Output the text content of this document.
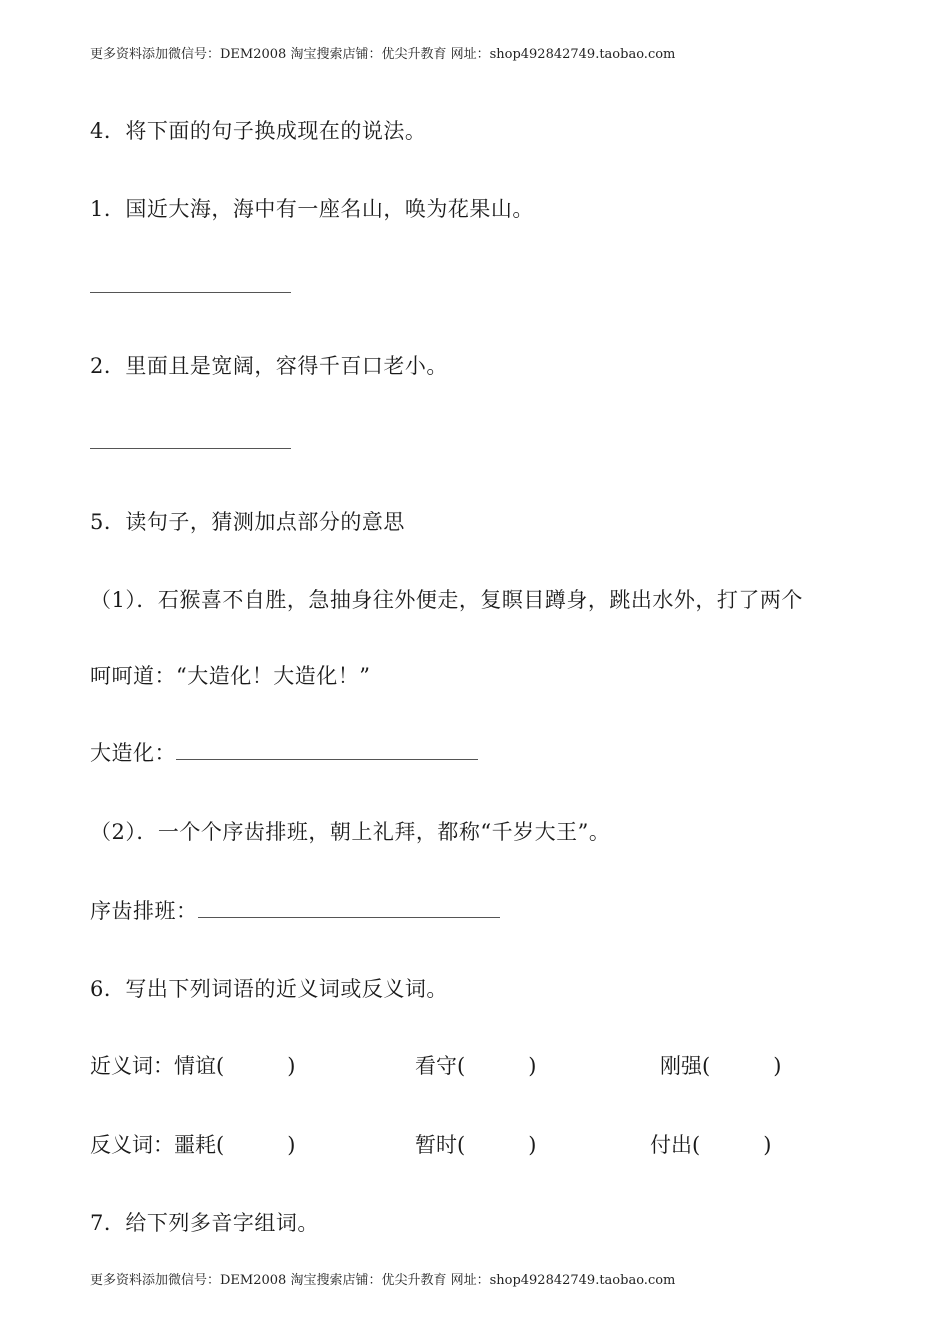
更多资料添加微信号：DEM2008 淘宝搜索店铺：优尖升教育 网址：shop492842749.taobao.com
4．将下面的句子换成现在的说法。
1．国近大海，海中有一座名山，唤为花果山。
2．里面且是宽阔，容得千百口老小。
5．读句子，猜测加点部分的意思
（1）．石猴喜不自胜，急抽身往外便走，复瞑目蹲身，跳出水外，打了两个
呵呵道：“大造化！大造化！”
大造化：
（2）．一个个序齿排班，朝上礼拜，都称“千岁大王”。
序齿排班：
6．写出下列词语的近义词或反义词。
近义词：情谊(　　　)	看守(　　　)	刚强(　　　)
反义词：噩耗(　　　)	暂时(　　　)	付出(　　　)
7．给下列多音字组词。
更多资料添加微信号：DEM2008 淘宝搜索店铺：优尖升教育 网址：shop492842749.taobao.com
